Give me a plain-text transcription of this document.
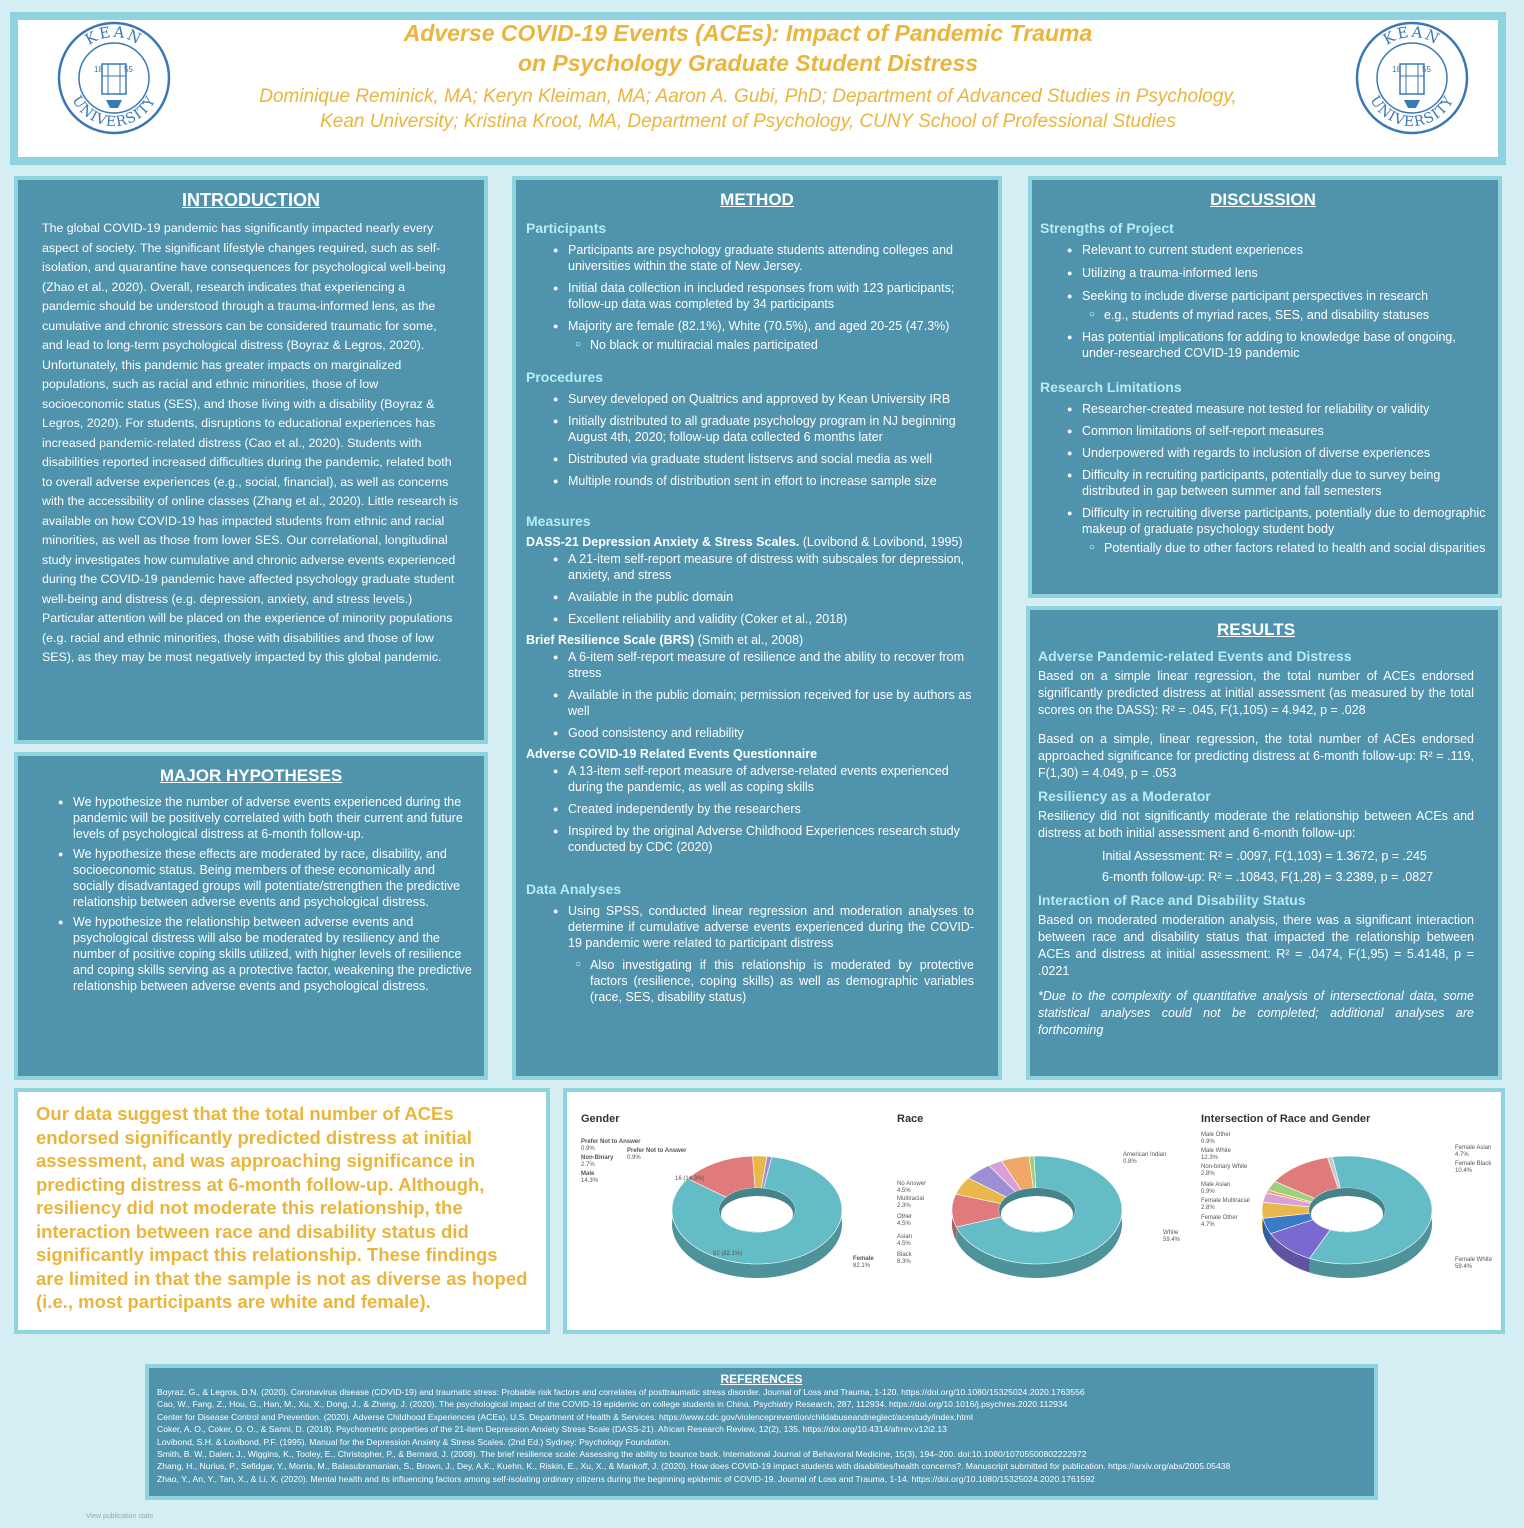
KEAN
UNIVERSITY
18	55
KEAN
UNIVERSITY
18	55
Adverse COVID-19 Events (ACEs): Impact of Pandemic Trauma
on Psychology Graduate Student Distress
Dominique Reminick, MA; Keryn Kleiman, MA; Aaron A. Gubi, PhD; Department of Advanced Studies in Psychology,
Kean University; Kristina Kroot, MA, Department of Psychology, CUNY School of Professional Studies
INTRODUCTION
The global COVID-19 pandemic has significantly impacted nearly every aspect of society. The significant lifestyle changes required, such as self-isolation, and quarantine have consequences for psychological well-being (Zhao et al., 2020). Overall, research indicates that experiencing a pandemic should be understood through a trauma-informed lens, as the cumulative and chronic stressors can be considered traumatic for some, and lead to long-term psychological distress (Boyraz & Legros, 2020). Unfortunately, this pandemic has greater impacts on marginalized populations, such as racial and ethnic minorities, those of low socioeconomic status (SES), and those living with a disability (Boyraz & Legros, 2020). For students, disruptions to educational experiences has increased pandemic-related distress (Cao et al., 2020). Students with disabilities reported increased difficulties during the pandemic, related both to overall adverse experiences (e.g., social, financial), as well as concerns with the accessibility of online classes (Zhang et al., 2020). Little research is available on how COVID-19 has impacted students from ethnic and racial minorities, as well as those from lower SES. Our correlational, longitudinal study investigates how cumulative and chronic adverse events experienced during the COVID-19 pandemic have affected psychology graduate student well-being and distress (e.g. depression, anxiety, and stress levels.) Particular attention will be placed on the experience of minority populations (e.g. racial and ethnic minorities, those with disabilities and those of low SES), as they may be most negatively impacted by this global pandemic.
MAJOR HYPOTHESES
● We hypothesize the number of adverse events experienced during the pandemic will be positively correlated with both their current and future levels of psychological distress at 6-month follow-up.
● We hypothesize these effects are moderated by race, disability, and socioeconomic status. Being members of these economically and socially disadvantaged groups will potentiate/strengthen the predictive relationship between adverse events and psychological distress.
● We hypothesize the relationship between adverse events and psychological distress will also be moderated by resiliency and the number of positive coping skills utilized, with higher levels of resilience and coping skills serving as a protective factor, weakening the predictive relationship between adverse events and psychological distress.
METHOD
Participants
● Participants are psychology graduate students attending colleges and universities within the state of New Jersey.
● Initial data collection in included responses from with 123 participants; follow-up data was completed by 34 participants
● Majority are female (82.1%), White (70.5%), and aged 20-25 (47.3%)
○ No black or multiracial males participated
Procedures
● Survey developed on Qualtrics and approved by Kean University IRB
● Initially distributed to all graduate psychology program in NJ beginning August 4th, 2020; follow-up data collected 6 months later
● Distributed via graduate student listservs and social media as well
● Multiple rounds of distribution sent in effort to increase sample size
Measures
DASS-21 Depression Anxiety & Stress Scales. (Lovibond & Lovibond, 1995)
● A 21-item self-report measure of distress with subscales for depression, anxiety, and stress
● Available in the public domain
● Excellent reliability and validity (Coker et al., 2018)
Brief Resilience Scale (BRS) (Smith et al., 2008)
● A 6-item self-report measure of resilience and the ability to recover from stress
● Available in the public domain; permission received for use by authors as well
● Good consistency and reliability
Adverse COVID-19 Related Events Questionnaire
● A 13-item self-report measure of adverse-related events experienced during the pandemic, as well as coping skills
● Created independently by the researchers
● Inspired by the original Adverse Childhood Experiences research study conducted by CDC (2020)
Data Analyses
● Using SPSS, conducted linear regression and moderation analyses to determine if cumulative adverse events experienced during the COVID-19 pandemic were related to participant distress
○ Also investigating if this relationship is moderated by protective factors (resilience, coping skills) as well as demographic variables (race, SES, disability status)
DISCUSSION
Strengths of Project
● Relevant to current student experiences
● Utilizing a trauma-informed lens
● Seeking to include diverse participant perspectives in research
○ e.g., students of myriad races, SES, and disability statuses
● Has potential implications for adding to knowledge base of ongoing, under-researched COVID-19 pandemic
Research Limitations
● Researcher-created measure not tested for reliability or validity
● Common limitations of self-report measures
● Underpowered with regards to inclusion of diverse experiences
● Difficulty in recruiting participants, potentially due to survey being distributed in gap between summer and fall semesters
● Difficulty in recruiting diverse participants, potentially due to demographic makeup of graduate psychology student body
○ Potentially due to other factors related to health and social disparities
RESULTS
Adverse Pandemic-related Events and Distress

Based on a simple linear regression, the total number of ACEs endorsed significantly predicted distress at initial assessment (as measured by the total scores on the DASS): R² = .045, F(1,105) = 4.942, p = .028

Based on a simple, linear regression, the total number of ACEs endorsed approached significance for predicting distress at 6-month follow-up: R² = .119, F(1,30) = 4.049, p = .053

Resiliency as a Moderator

Resiliency did not significantly moderate the relationship between ACEs and distress at both initial assessment and 6-month follow-up:

Initial Assessment: R² = .0097, F(1,103) = 1.3672, p = .245

6-month follow-up: R² = .10843, F(1,28) = 3.2389, p = .0827

Interaction of Race and Disability Status

Based on moderated moderation analysis, there was a significant interaction between race and disability status that impacted the relationship between ACEs and distress at initial assessment: R² = .0474, F(1,95) = 5.4148, p = .0221

*Due to the complexity of quantitative analysis of intersectional data, some statistical analyses could not be completed; additional analyses are forthcoming

Our data suggest that the total number of ACEs endorsed significantly predicted distress at initial assessment, and was approaching significance in predicting distress at 6-month follow-up. Although, resiliency did not moderate this relationship, the interaction between race and disability status did significantly impact this relationship. These findings are limited in that the sample is not as diverse as hoped (i.e., most participants are white and female).
Gender
Prefer Not to Answer
0.9%
Prefer Not to Answer
0.9%
Non-Binary
2.7%
Male
14.3%
Female
82.1%
16 (14.3%)
92 (82.1%)
Race
American Indian
0.8%
No Answer
4.5%
Multiracial
2.3%
Other
4.5%
Asian
4.5%
Black
8.3%
White
59.4%
Intersection of Race and Gender
Male Other
0.9%
Male White
12.3%
Non-binary White
2.8%
Male Asian
0.9%
Female Multiracial
2.8%
Female Other
4.7%
Female Asian
4.7%
Female Black
10.4%
Female White
59.4%
REFERENCES
Boyraz, G., & Legros, D.N. (2020). Coronavirus disease (COVID-19) and traumatic stress: Probable risk factors and correlates of posttraumatic stress disorder. Journal of Loss and Trauma, 1-120. https://doi.org/10.1080/15325024.2020.1763556
Cao, W., Fang, Z., Hou, G., Han, M., Xu, X., Dong, J., & Zheng, J. (2020). The psychological impact of the COVID-19 epidemic on college students in China. Psychiatry Research, 287, 112934. https://doi.org/10.1016/j.psychres.2020.112934
Center for Disease Control and Prevention. (2020). Adverse Childhood Experiences (ACEs). U.S. Department of Health & Services. https://www.cdc.gov/violenceprevention/childabuseandneglect/acestudy/index.html
Coker, A. O., Coker, O. O., & Sanni, D. (2018). Psychometric properties of the 21-item Depression Anxiety Stress Scale (DASS-21). African Research Review, 12(2), 135. https://doi.org/10.4314/afrrev.v12i2.13
Lovibond, S.H. & Lovibond, P.F. (1995). Manual for the Depression Anxiety & Stress Scales. (2nd Ed.) Sydney: Psychology Foundation.
Smith, B. W., Dalen, J., Wiggins, K., Tooley, E., Christopher, P., & Bernard, J. (2008). The brief resilience scale: Assessing the ability to bounce back. International Journal of Behavioral Medicine, 15(3), 194–200. doi:10.1080/10705500802222972
Zhang, H., Nurius, P., Sefidgar, Y., Morris, M., Balasubramanian, S., Brown, J., Dey, A.K., Kuehn, K., Riskin, E., Xu, X., & Mankoff, J. (2020). How does COVID-19 impact students with disabilities/health concerns?. Manuscript submitted for publication. https://arxiv.org/abs/2005.05438
Zhao, Y., An, Y., Tan, X., & Li, X. (2020). Mental health and its influencing factors among self-isolating ordinary citizens during the beginning epidemic of COVID-19. Journal of Loss and Trauma, 1-14. https://doi.org/10.1080/15325024.2020.1761592
View publication stats
